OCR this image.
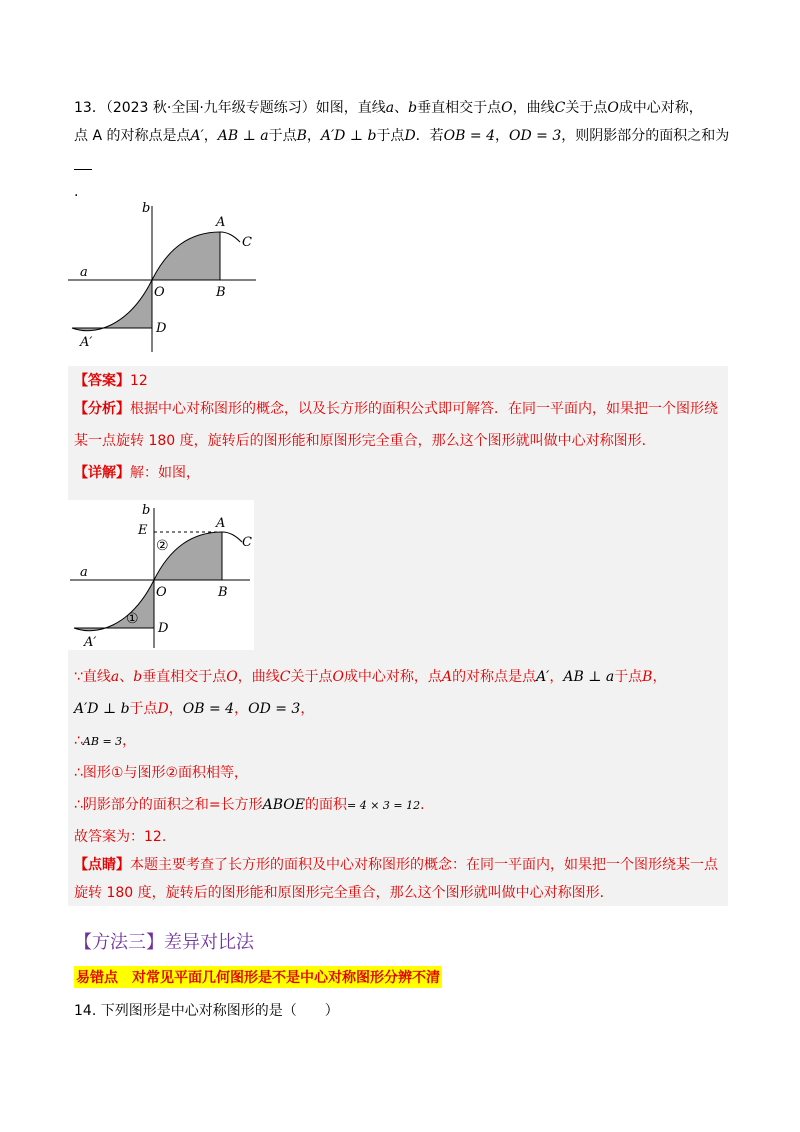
13．（2023 秋·全国·九年级专题练习）如图，直线a、b垂直相交于点O，曲线C关于点O成中心对称，
点 A 的对称点是点A′，AB ⊥ a于点B，A′D ⊥ b于点D．若OB = 4，OD = 3，则阴影部分的面积之和为
.
a
b
A
C
O	B
D
A′
【答案】12
【分析】根据中心对称图形的概念，以及长方形的面积公式即可解答．在同一平面内，如果把一个图形绕
某一点旋转 180 度，旋转后的图形能和原图形完全重合，那么这个图形就叫做中心对称图形．
【详解】解：如图，
b
E	A
C
②
a
O	B
①
D
A′
∵直线a、b垂直相交于点O，曲线C关于点O成中心对称，点A的对称点是点A′，AB ⊥ a于点B，
A′D ⊥ b于点D，OB = 4，OD = 3，
∴AB = 3，
∴图形①与图形②面积相等，
∴阴影部分的面积之和=长方形ABOE的面积= 4 × 3 = 12.
故答案为：12.
【点睛】本题主要考查了长方形的面积及中心对称图形的概念：在同一平面内，如果把一个图形绕某一点
旋转 180 度，旋转后的图形能和原图形完全重合，那么这个图形就叫做中心对称图形．
【方法三】差异对比法
易错点　对常见平面几何图形是不是中心对称图形分辨不清
14. 下列图形是中心对称图形的是（　　）
